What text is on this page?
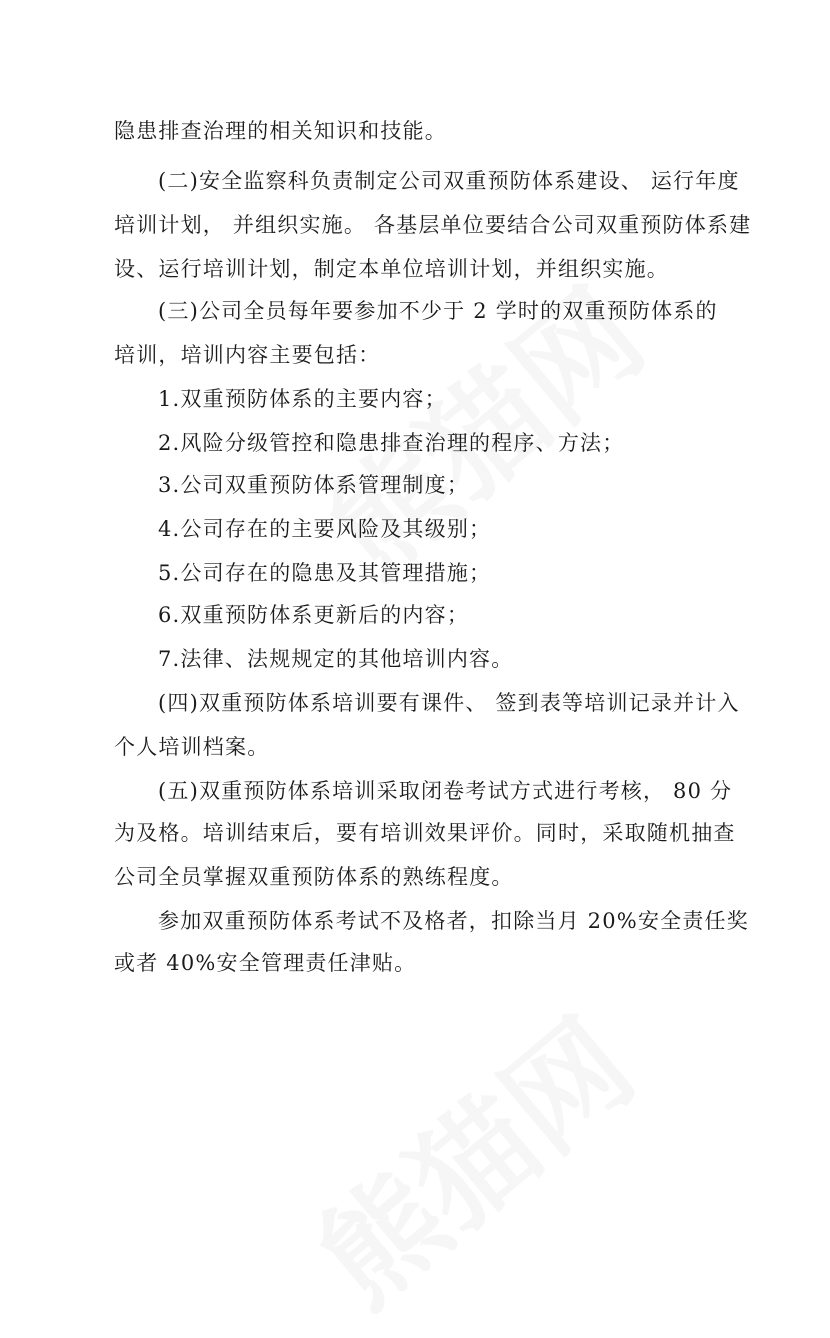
隐患排查治理的相关知识和技能。
(二)安全监察科负责制定公司双重预防体系建设、 运行年度
培训计划， 并组织实施。 各基层单位要结合公司双重预防体系建
设、运行培训计划，制定本单位培训计划，并组织实施。
(三)公司全员每年要参加不少于 2 学时的双重预防体系的
培训，培训内容主要包括：
1.双重预防体系的主要内容；
2.风险分级管控和隐患排查治理的程序、方法；
3.公司双重预防体系管理制度；
4.公司存在的主要风险及其级别；
5.公司存在的隐患及其管理措施；
6.双重预防体系更新后的内容；
7.法律、法规规定的其他培训内容。
(四)双重预防体系培训要有课件、 签到表等培训记录并计入
个人培训档案。
(五)双重预防体系培训采取闭卷考试方式进行考核， 80 分
为及格。培训结束后，要有培训效果评价。同时，采取随机抽查
公司全员掌握双重预防体系的熟练程度。
参加双重预防体系考试不及格者，扣除当月 20%安全责任奖
或者 40%安全管理责任津贴。
